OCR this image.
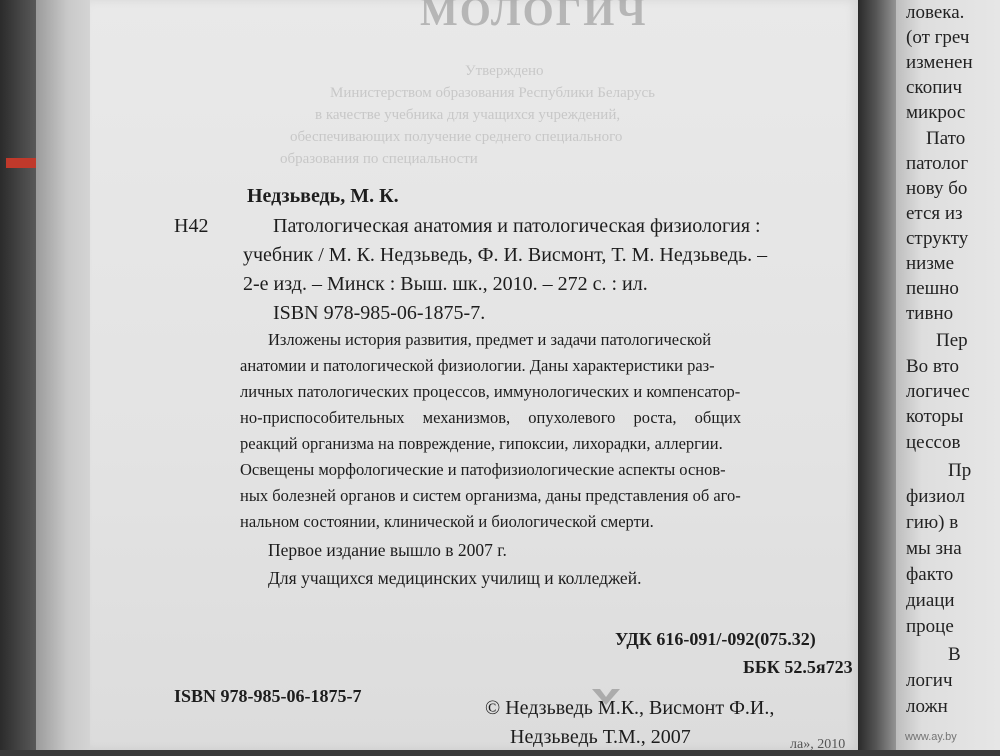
МОЛОГИЧ
Утверждено
Министерством образования Республики Беларусь
в качестве учебника для учащихся учреждений,
обеспечивающих получение среднего специального
образования по специальности
Недзьведь, М. К.
Н42	Патологическая анатомия и патологическая физиология :
учебник / М. К. Недзьведь, Ф. И. Висмонт, Т. М. Недзьведь. –
2-е изд. – Минск : Выш. шк., 2010. – 272 с. : ил.
ISBN 978-985-06-1875-7.
Изложены история развития, предмет и задачи патологической
анатомии и патологической физиологии. Даны характеристики раз-
личных патологических процессов, иммунологических и компенсатор-
но-приспособительных механизмов, опухолевого роста, общих
реакций организма на повреждение, гипоксии, лихорадки, аллергии.
Освещены морфологические и патофизиологические аспекты основ-
ных болезней органов и систем организма, даны представления об аго-
нальном состоянии, клинической и биологической смерти.
Первое издание вышло в 2007 г.
Для учащихся медицинских училищ и колледжей.
УДК 616-091/-092(075.32)
ББК 52.5я723
ISBN 978-985-06-1875-7
© Недзьведь М.К., Висмонт Ф.И.,
Недзьведь Т.М., 2007	ла», 2010
ловека.
(от греч
изменен
скопич
микрос
Пато
патолог
нову бо
ется из
структу
низме
пешно
тивно
Пер
Во вто
логичес
которы
цессов
Пр
физиол
гию) в
мы зна
факто
диаци
проце
В
логич
ложн
www.ay.by
